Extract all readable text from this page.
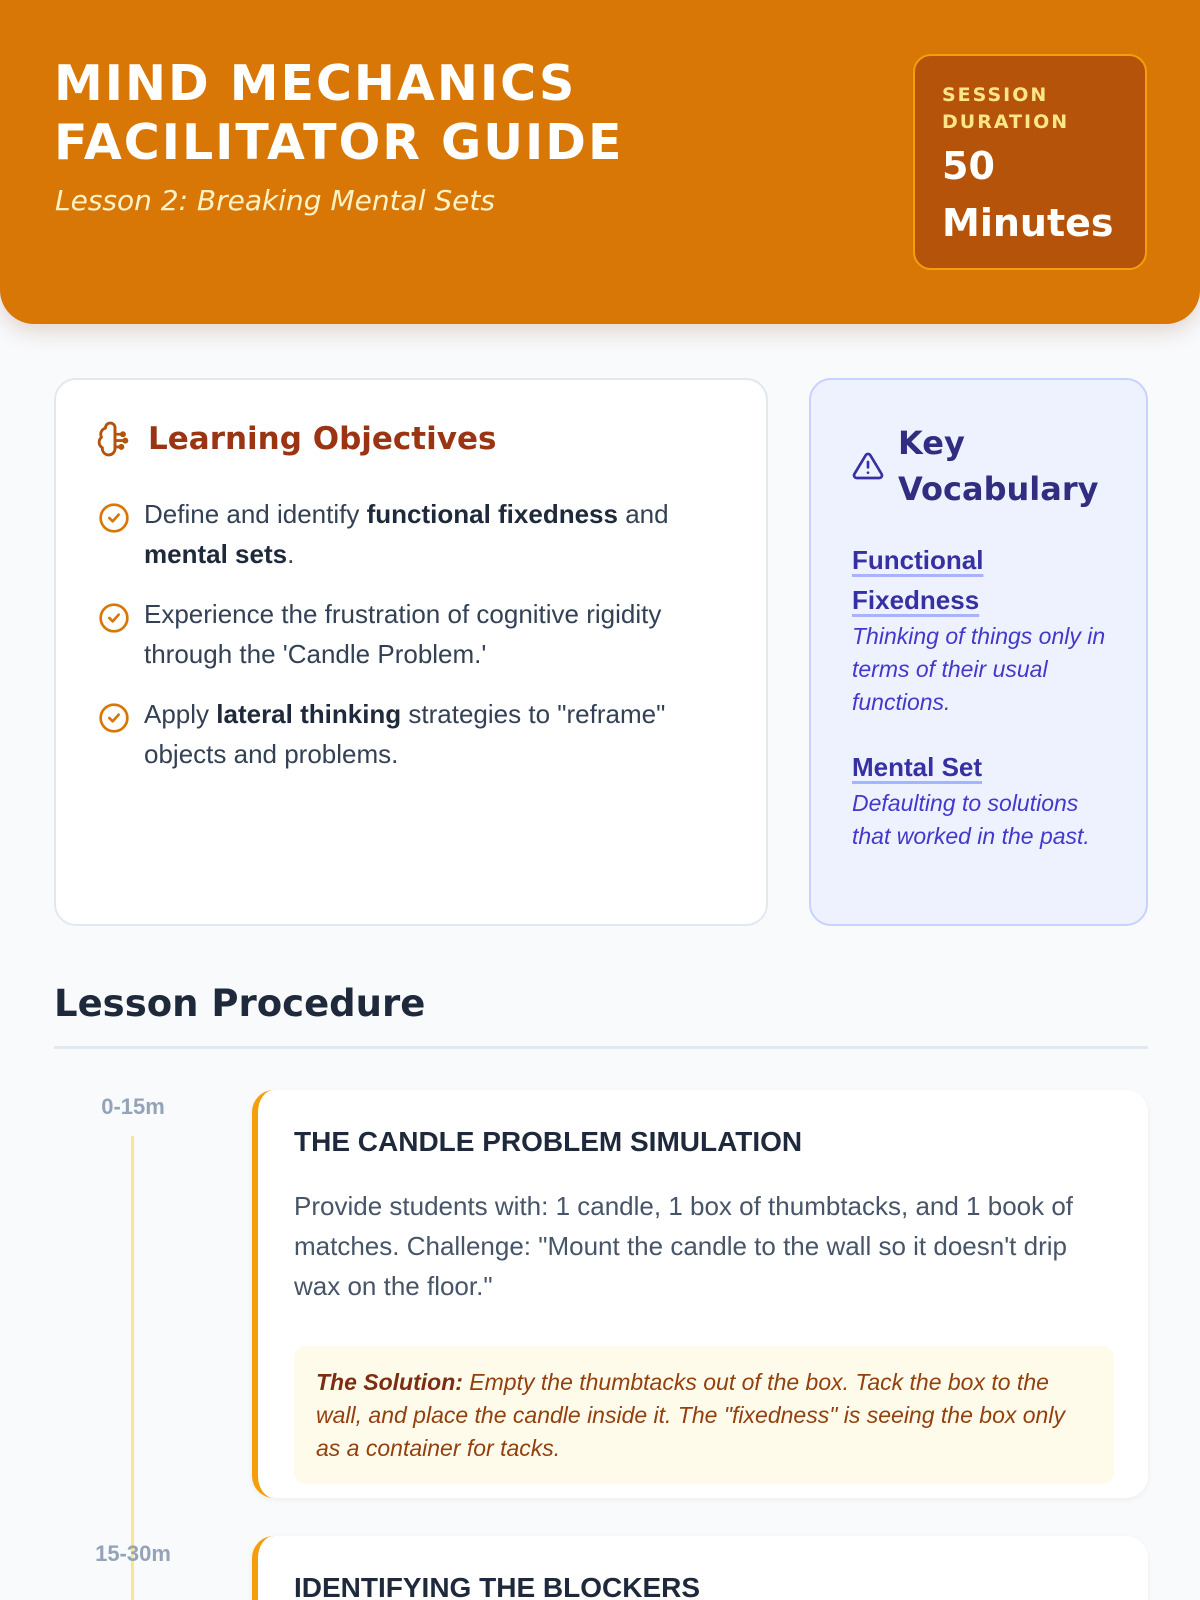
MIND MECHANICS FACILITATOR GUIDE
Lesson 2: Breaking Mental Sets
SESSION DURATION
50 Minutes
Learning Objectives
Define and identify functional fixedness and mental sets.
Experience the frustration of cognitive rigidity through the 'Candle Problem.'
Apply lateral thinking strategies to "reframe" objects and problems.
Key Vocabulary
Functional Fixedness
Thinking of things only in terms of their usual functions.
Mental Set
Defaulting to solutions that worked in the past.
Lesson Procedure
0-15m
THE CANDLE PROBLEM SIMULATION
Provide students with: 1 candle, 1 box of thumbtacks, and 1 book of matches. Challenge: "Mount the candle to the wall so it doesn't drip wax on the floor."
The Solution: Empty the thumbtacks out of the box. Tack the box to the wall, and place the candle inside it. The "fixedness" is seeing the box only as a container for tacks.
15-30m
IDENTIFYING THE BLOCKERS
